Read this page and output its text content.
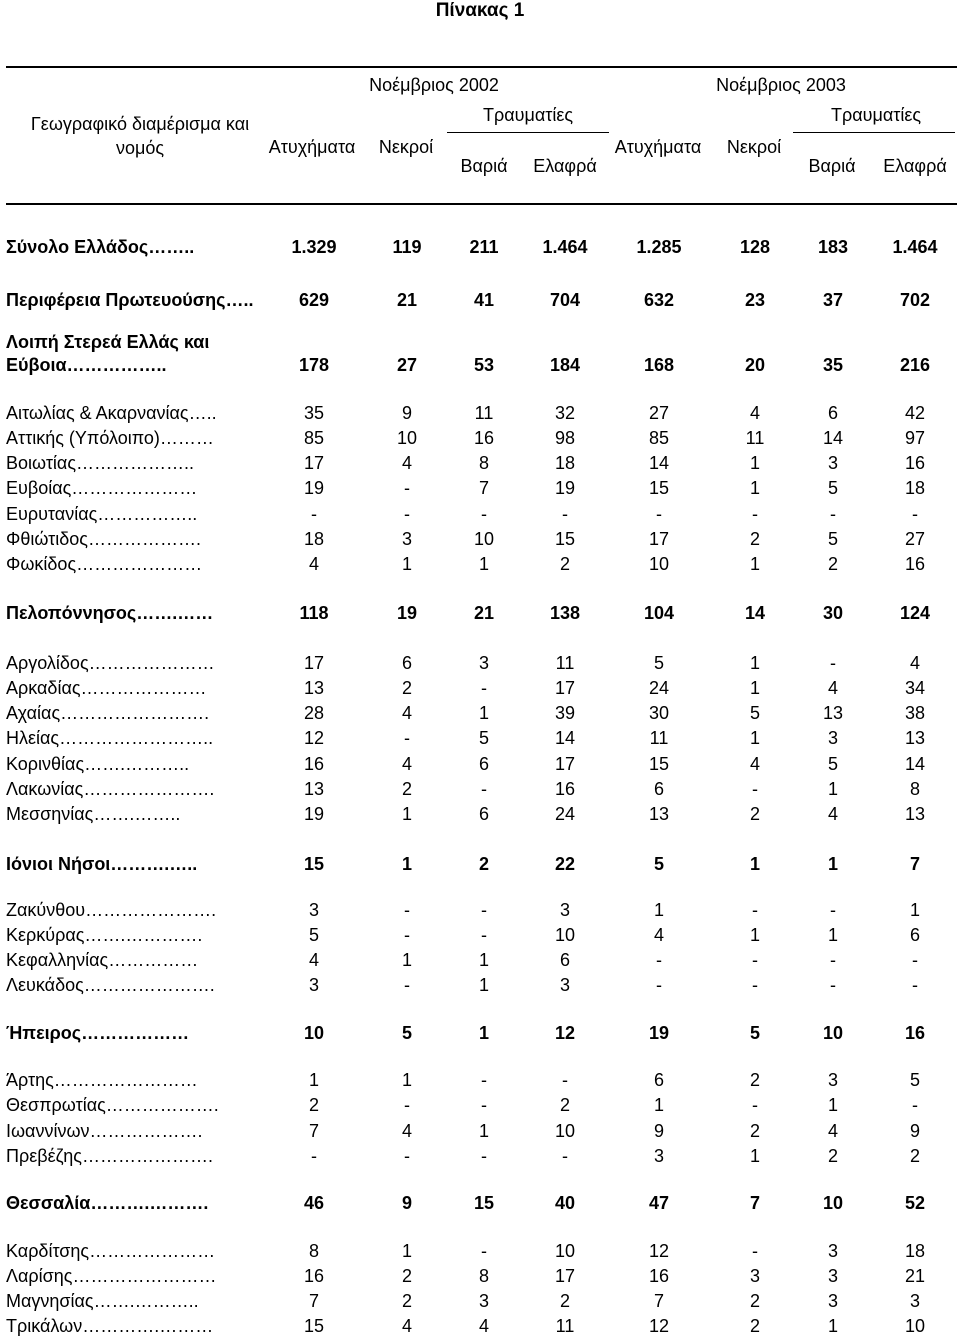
Πίνακας 1
Γεωγραφικό διαμέρισμα και νομός
Νοέμβριος 2002	Νοέμβριος 2003
Τραυματίες	Τραυματίες
Ατυχήματα Νεκροί	Ατυχήματα Νεκροί
Βαριά Ελαφρά	Βαριά Ελαφρά
Σύνολο Ελλάδος……..	1.329	119	211 1.464	1.285	128	183 1.464
Περιφέρεια Πρωτευούσης…..	629	21	41	704	632	23	37	702
Λοιπή Στερεά Ελλάς και
Εύβοια……………..	178	27	53	184	168	20	35	216
Αιτωλίας & Ακαρνανίας…..	35	9	11	32	27	4	6	42
Αττικής (Υπόλοιπο)………	85	10	16	98	85	11	14	97
Βοιωτίας………………..	17	4	8	18	14	1	3	16
Ευβοίας…………………	19	-	7	19	15	1	5	18
Ευρυτανίας……………..	-	-	-	-	-	-	-	-
Φθιώτιδος……………….	18	3	10	15	17	2	5	27
Φωκίδος…………………	4	1	1	2	10	1	2	16
Πελοπόννησος…….……	118	19	21	138	104	14	30	124
Αργολίδος…………………	17	6	3	11	5	1	-	4
Αρκαδίας…………………	13	2	-	17	24	1	4	34
Αχαίας…………………….	28	4	1	39	30	5	13	38
Ηλείας……………………..	12	-	5	14	11	1	3	13
Κορινθίας…….………..	16	4	6	17	15	4	5	14
Λακωνίας………………….	13	2	-	16	6	-	1	8
Μεσσηνίας…….……..	19	1	6	24	13	2	4	13
Ιόνιοι Νήσοι……….…..	15	1	2	22	5	1	1	7
Ζακύνθου………………….	3	-	-	3	1	-	-	1
Κερκύρας…….………….	5	-	-	10	4	1	1	6
Κεφαλληνίας……………	4	1	1	6	-	-	-	-
Λευκάδος………………….	3	-	1	3	-	-	-	-
Ήπειρος………………	10	5	1	12	19	5	10	16
Άρτης……………………	1	1	-	-	6	2	3	5
Θεσπρωτίας……………….	2	-	-	2	1	-	1	-
Ιωαννίνων……………….	7	4	1	10	9	2	4	9
Πρεβέζης………………….	-	-	-	-	3	1	2	2
Θεσσαλία……….……….	46	9	15	40	47	7	10	52
Καρδίτσης…………………	8	1	-	10	12	-	3	18
Λαρίσης……………………	16	2	8	17	16	3	3	21
Μαγνησίας…….………..	7	2	3	2	7	2	3	3
Τρικάλων………….………	15	4	4	11	12	2	1	10
